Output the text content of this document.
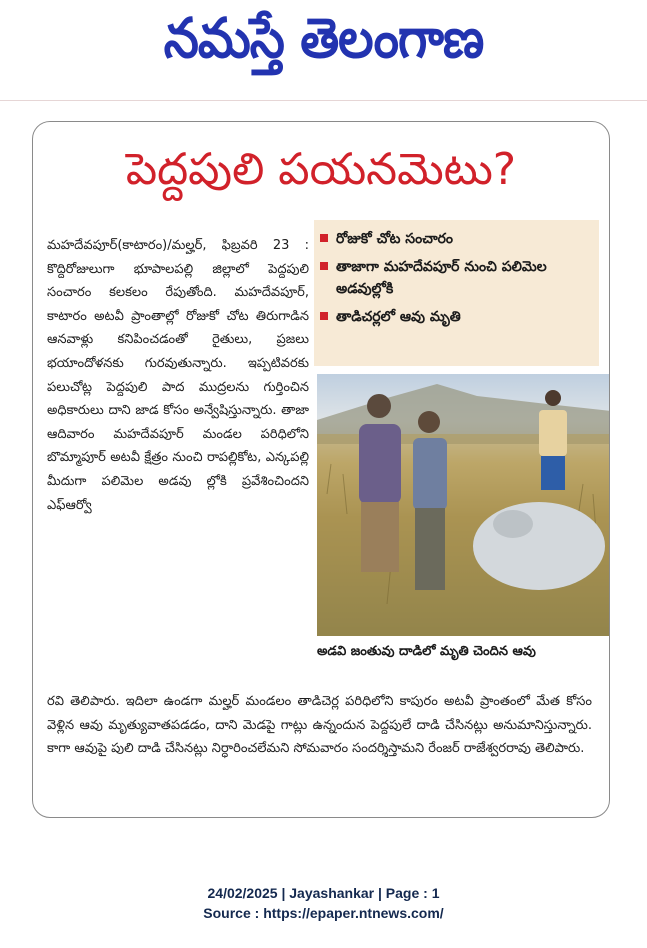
నమస్తే తెలంగాణ
పెద్దపులి పయనమెటు?
మహదేవపూర్(కాటారం)/మల్హర్, ఫిబ్రవరి 23 : కొద్దిరోజులుగా భూపాలపల్లి జిల్లాలో పెద్దపులి సంచారం కలకలం రేపుతోంది. మహదేవపూర్, కాటారం అటవీ ప్రాంతాల్లో రోజుకో చోట తిరుగాడిన ఆనవాళ్లు కనిపించడంతో రైతులు, ప్రజలు భయాందోళనకు గురవుతున్నారు. ఇప్పటివరకు పలుచోట్ల పెద్దపులి పాద ముద్రలను గుర్తించిన అధికారులు దాని జాడ కోసం అన్వేషిస్తున్నారు. తాజా ఆదివారం మహదేవపూర్ మండల పరిధిలోని బొమ్మాపూర్ అటవీ క్షేత్రం నుంచి రాపల్లికోట, ఎన్కపల్లి మీదుగా పలిమెల అడవు ల్లోకి ప్రవేశించిందని ఎఫ్ఆర్వో
రోజుకో చోట సంచారం
తాజాగా మహదేవపూర్ నుంచి పలిమెల అడవుల్లోకి
తాడిచర్లలో ఆవు మృతి
అడవి జంతువు దాడిలో మృతి చెందిన ఆవు
రవి తెలిపారు. ఇదిలా ఉండగా మల్హర్ మండలం తాడిచెర్ల పరిధిలోని కాపురం అటవీ ప్రాంతంలో మేత కోసం వెళ్లిన ఆవు మృత్యువాతపడడం, దాని మెడపై గాట్లు ఉన్నందున పెద్దపులే దాడి చేసినట్లు అనుమానిస్తున్నారు. కాగా ఆవుపై పులి దాడి చేసినట్లు నిర్ధారించలేమని సోమవారం సందర్శిస్తామని రేంజర్ రాజేశ్వరరావు తెలిపారు.
24/02/2025 | Jayashankar | Page : 1
Source : https://epaper.ntnews.com/
